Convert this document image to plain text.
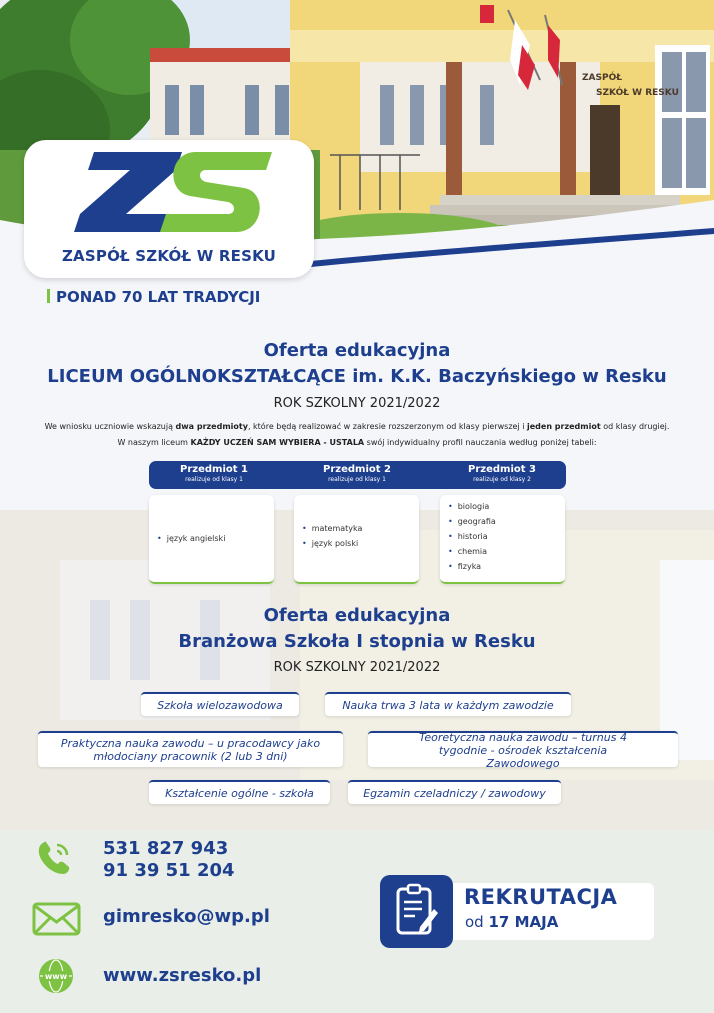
ZASPÓŁ
SZKÓŁ W RESKU
ZASPÓŁ SZKÓŁ W RESKU
PONAD 70 LAT TRADYCJI
Oferta edukacyjna
LICEUM OGÓLNOKSZTAŁCĄCE im. K.K. Baczyńskiego w Resku
ROK SZKOLNY 2021/2022
We wniosku uczniowie wskazują dwa przedmioty, które będą realizować w zakresie rozszerzonym od klasy pierwszej i jeden przedmiot od klasy drugiej.
W naszym liceum KAŻDY UCZEŃ SAM WYBIERA - USTALA swój indywidualny profil nauczania według poniżej tabeli:
Przedmiot 1
realizuje od klasy 1
Przedmiot 2
realizuje od klasy 1
Przedmiot 3
realizuje od klasy 2
• język angielski
• matematyka
• język polski
• biologia
• geografia
• historia
• chemia
• fizyka
Oferta edukacyjna
Branżowa Szkoła I stopnia w Resku
ROK SZKOLNY 2021/2022
Szkoła wielozawodowa	Nauka trwa 3 lata w każdym zawodzie
Praktyczna nauka zawodu – u pracodawcy jako młodociany pracownik (2 lub 3 dni)
Teoretyczna nauka zawodu – turnus 4 tygodnie - ośrodek kształcenia Zawodowego
Kształcenie ogólne - szkoła	Egzamin czeladniczy / zawodowy
531 827 943
91 39 51 204
gimresko@wp.pl
www www.zsresko.pl
REKRUTACJA
od 17 MAJA
